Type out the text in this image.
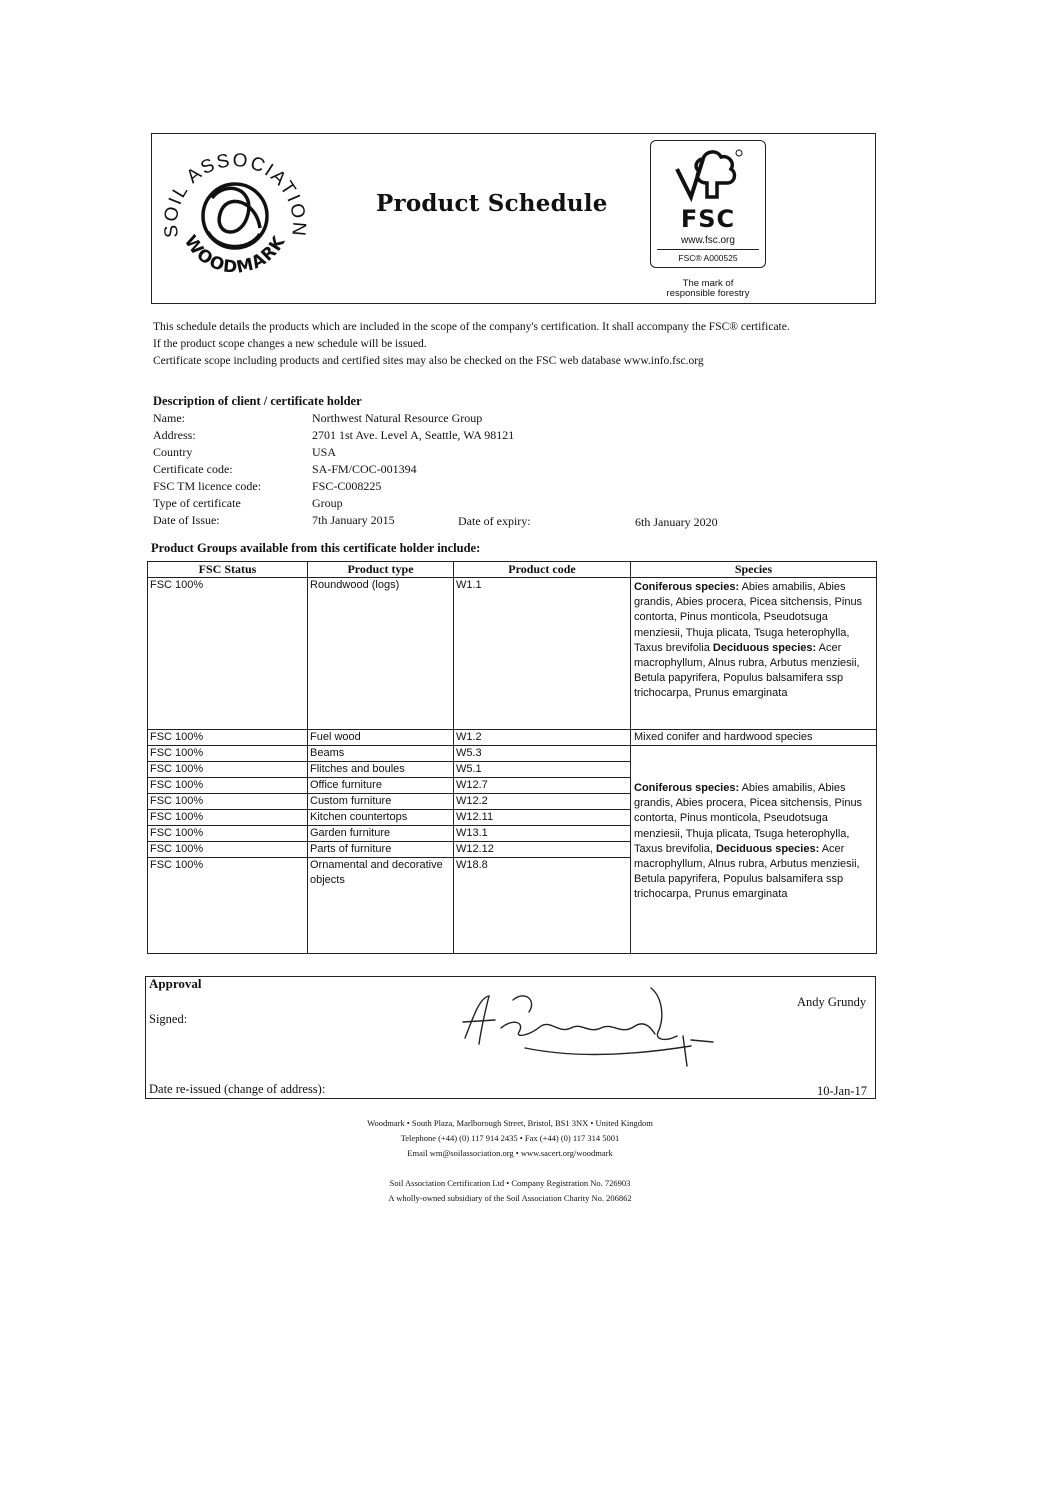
SOIL ASSOCIATION
WOODMARK
Product Schedule
FSC
www.fsc.org
FSC® A000525
The mark of
responsible forestry
This schedule details the products which are included in the scope of the company's certification. It shall accompany the FSC® certificate.
If the product scope changes a new schedule will be issued.
Certificate scope including products and certified sites may also be checked on the FSC web database www.info.fsc.org
Description of client / certificate holder
Name:	Northwest Natural Resource Group
Address:	2701 1st Ave. Level A, Seattle, WA 98121
Country	USA
Certificate code:	SA-FM/COC-001394
FSC TM licence code:	FSC-C008225
Type of certificate	Group
Date of Issue:	7th January 2015	Date of expiry:	6th January 2020
Product Groups available from this certificate holder include:
FSC Status	Product type	Product code	Species
FSC 100%	Roundwood (logs)	W1.1	Coniferous species: Abies amabilis, Abies grandis, Abies procera, Picea sitchensis, Pinus contorta, Pinus monticola, Pseudotsuga menziesii, Thuja plicata, Tsuga heterophylla, Taxus brevifolia Deciduous species: Acer macrophyllum, Alnus rubra, Arbutus menziesii, Betula papyrifera, Populus balsamifera ssp trichocarpa, Prunus emarginata
FSC 100%	Fuel wood	W1.2	Mixed conifer and hardwood species
FSC 100%	Beams	W5.3	Coniferous species: Abies amabilis, Abies grandis, Abies procera, Picea sitchensis, Pinus contorta, Pinus monticola, Pseudotsuga menziesii, Thuja plicata, Tsuga heterophylla, Taxus brevifolia, Deciduous species: Acer macrophyllum, Alnus rubra, Arbutus menziesii, Betula papyrifera, Populus balsamifera ssp trichocarpa, Prunus emarginata
FSC 100%	Flitches and boules	W5.1	
FSC 100%	Office furniture	W12.7	
FSC 100%	Custom furniture	W12.2	
FSC 100%	Kitchen countertops	W12.11	
FSC 100%	Garden furniture	W13.1	
FSC 100%	Parts of furniture	W12.12	
FSC 100%	Ornamental and decorative objects	W18.8	
Approval
Signed:
Andy Grundy
Date re-issued (change of address):	10-Jan-17
Woodmark • South Plaza, Marlborough Street, Bristol, BS1 3NX • United Kingdom
Telephone (+44) (0) 117 914 2435 • Fax (+44) (0) 117 314 5001
Email wm@soilassociation.org • www.sacert.org/woodmark
Soil Association Certification Ltd • Company Registration No. 726903
A wholly-owned subsidiary of the Soil Association Charity No. 206862
